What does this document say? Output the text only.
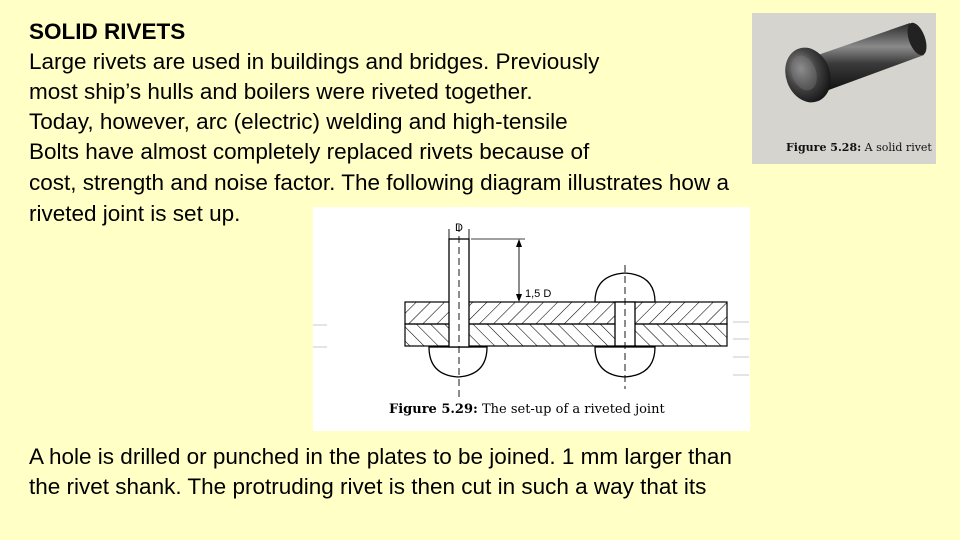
SOLID RIVETS

Large rivets are used in buildings and bridges. Previously

most ship’s hulls and boilers were riveted together.

Today, however, arc (electric) welding and high-tensile

Bolts have almost completely replaced rivets because of

cost, strength and noise factor. The following diagram illustrates how a

riveted joint is set up.

Figure 5.28: A solid rivet
D
1,5 D
Figure 5.29: The set-up of a riveted joint

A hole is drilled or punched in the plates to be joined. 1 mm larger than

the rivet shank. The protruding rivet is then cut in such a way that its
